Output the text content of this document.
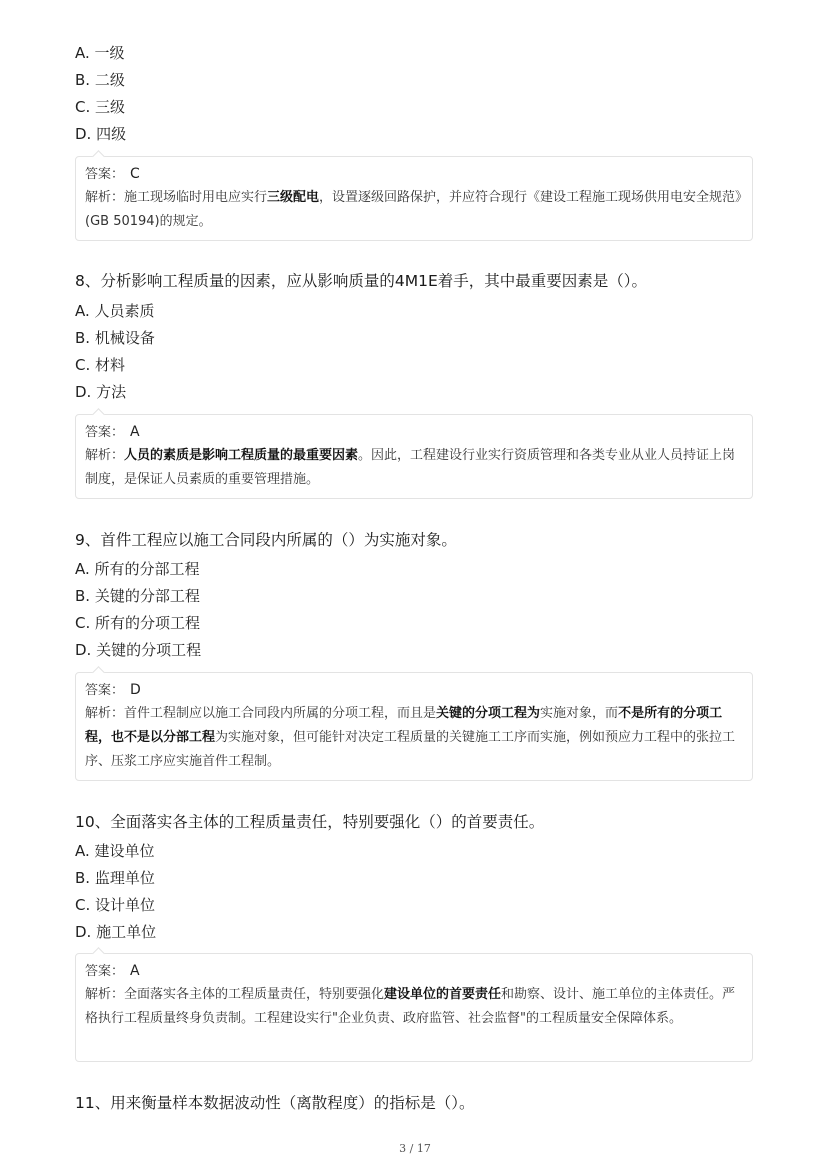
A. 一级
B. 二级
C. 三级
D. 四级
答案： C
解析：施工现场临时用电应实行三级配电，设置逐级回路保护，并应符合现行《建设工程施工现场供用电安全规范》(GB 50194)的规定。
8、分析影响工程质量的因素，应从影响质量的4M1E着手，其中最重要因素是（）。
A. 人员素质
B. 机械设备
C. 材料
D. 方法
答案： A
解析：人员的素质是影响工程质量的最重要因素。因此，工程建设行业实行资质管理和各类专业从业人员持证上岗制度，是保证人员素质的重要管理措施。
9、首件工程应以施工合同段内所属的（）为实施对象。
A. 所有的分部工程
B. 关键的分部工程
C. 所有的分项工程
D. 关键的分项工程
答案： D
解析：首件工程制应以施工合同段内所属的分项工程，而且是关键的分项工程为实施对象，而不是所有的分项工程，也不是以分部工程为实施对象，但可能针对决定工程质量的关键施工工序而实施，例如预应力工程中的张拉工序、压浆工序应实施首件工程制。
10、全面落实各主体的工程质量责任，特别要强化（）的首要责任。
A. 建设单位
B. 监理单位
C. 设计单位
D. 施工单位
答案： A
解析：全面落实各主体的工程质量责任，特别要强化建设单位的首要责任和勘察、设计、施工单位的主体责任。严格执行工程质量终身负责制。工程建设实行"企业负责、政府监管、社会监督"的工程质量安全保障体系。
11、用来衡量样本数据波动性（离散程度）的指标是（）。
3 / 17
